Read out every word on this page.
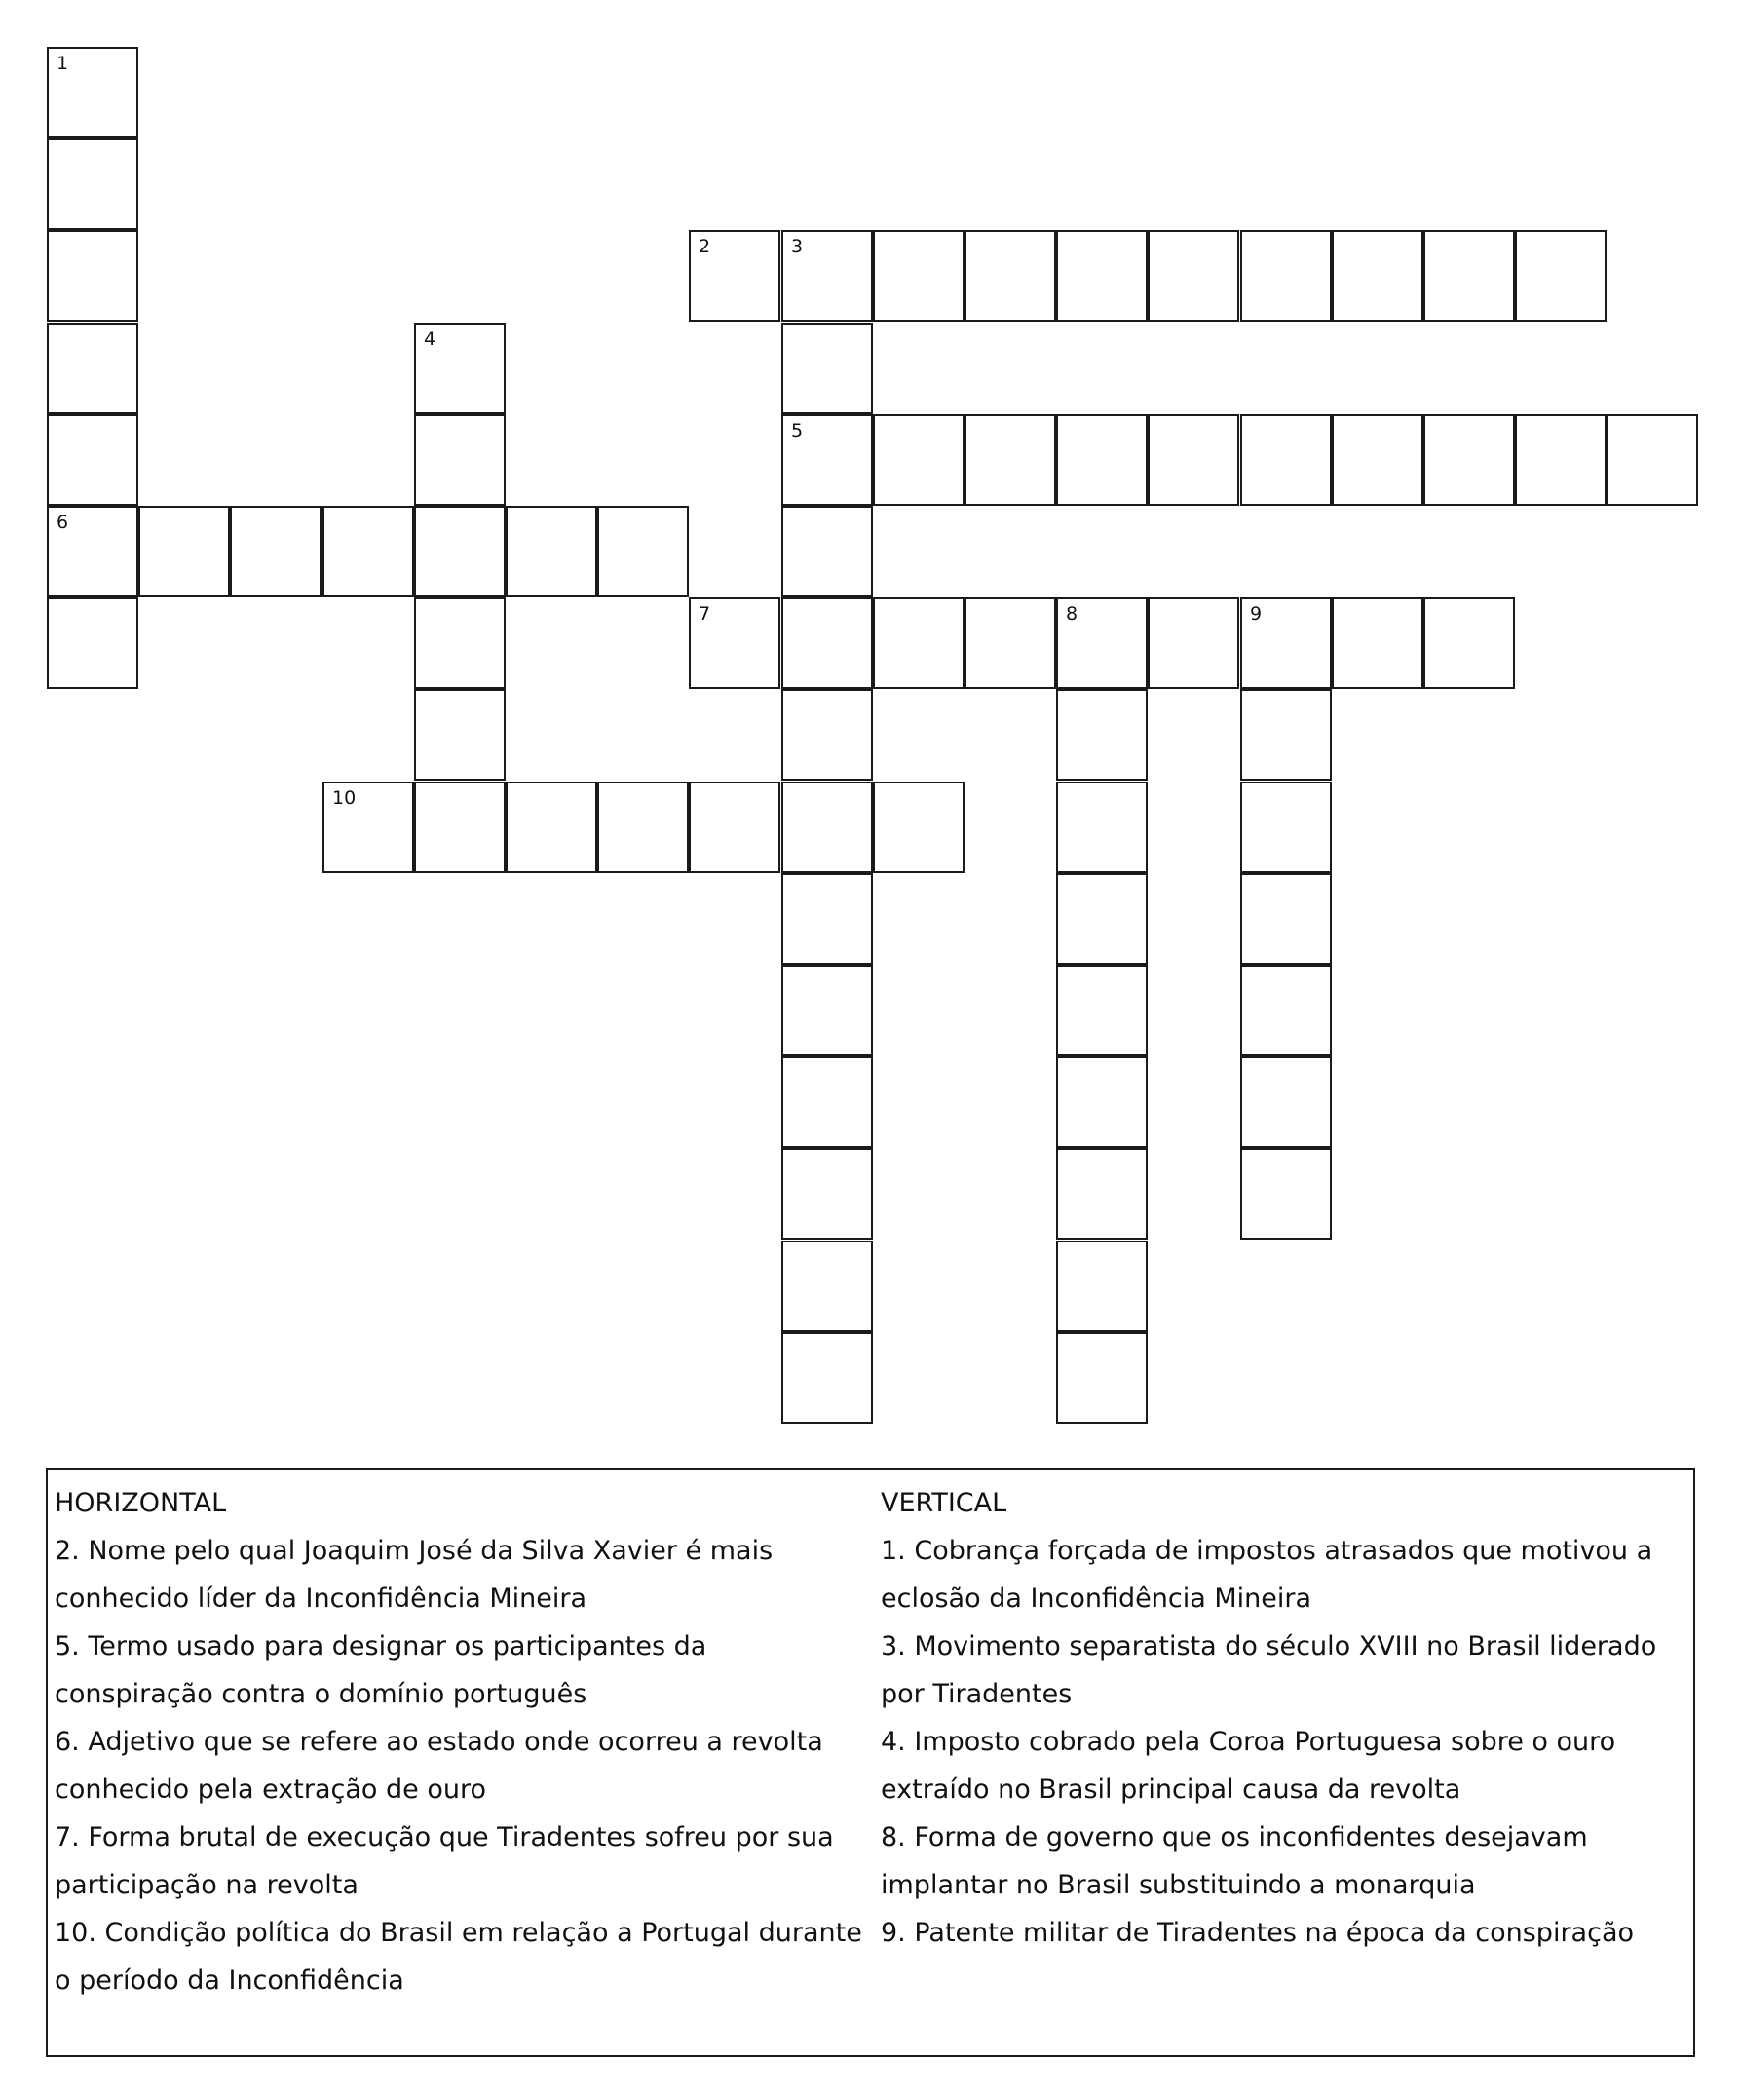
1
6
2	3
5
4
7	8	9
10
HORIZONTAL
2. Nome pelo qual Joaquim José da Silva Xavier é mais conhecido líder da Inconfidência Mineira
5. Termo usado para designar os participantes da conspiração contra o domínio português
6. Adjetivo que se refere ao estado onde ocorreu a revolta conhecido pela extração de ouro
7. Forma brutal de execução que Tiradentes sofreu por sua participação na revolta
10. Condição política do Brasil em relação a Portugal durante o período da Inconfidência
VERTICAL
1. Cobrança forçada de impostos atrasados que motivou a eclosão da Inconfidência Mineira
3. Movimento separatista do século XVIII no Brasil liderado por Tiradentes
4. Imposto cobrado pela Coroa Portuguesa sobre o ouro extraído no Brasil principal causa da revolta
8. Forma de governo que os inconfidentes desejavam implantar no Brasil substituindo a monarquia
9. Patente militar de Tiradentes na época da conspiração
